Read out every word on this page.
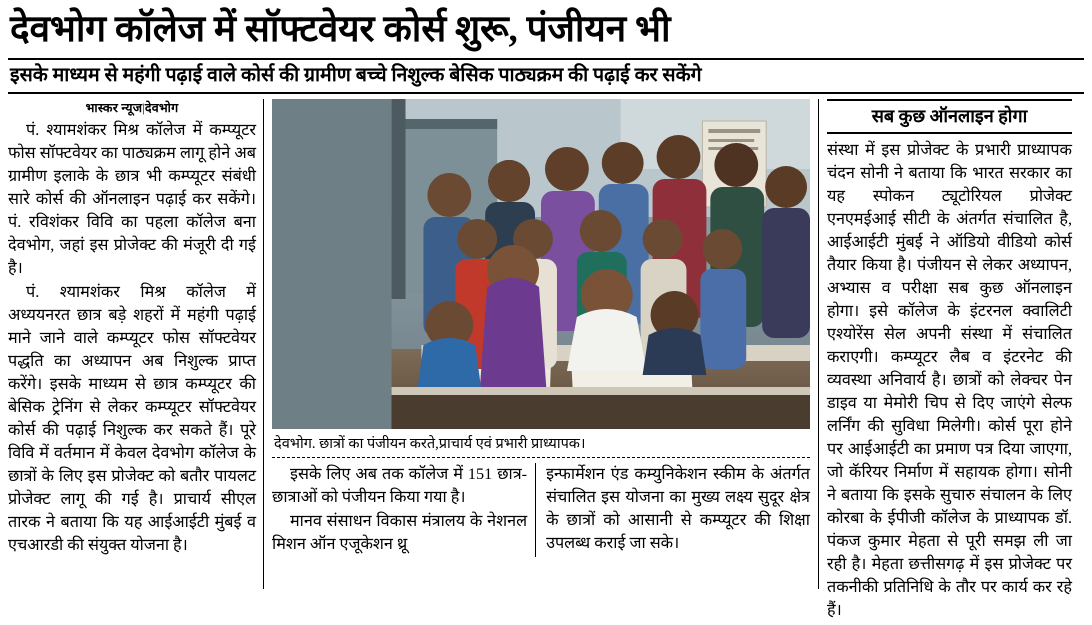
देवभोग कॉलेज में सॉफ्टवेयर कोर्स शुरू, पंजीयन भी
इसके माध्यम से महंगी पढ़ाई वाले कोर्स की ग्रामीण बच्चे निशुल्क बेसिक पाठ्यक्रम की पढ़ाई कर सकेंगे
भास्कर न्यूज|देवभोग

पं. श्यामशंकर मिश्र कॉलेज में कम्प्यूटर फोस सॉफ्टवेयर का पाठ्यक्रम लागू होने अब ग्रामीण इलाके के छात्र भी कम्प्यूटर संबंधी सारे कोर्स की ऑनलाइन पढ़ाई कर सकेंगे। पं. रविशंकर विवि का पहला कॉलेज बना देवभोग, जहां इस प्रोजेक्ट की मंजूरी दी गई है।

पं. श्यामशंकर मिश्र कॉलेज में अध्ययनरत छात्र बड़े शहरों में महंगी पढ़ाई माने जाने वाले कम्प्यूटर फोस सॉफ्टवेयर पद्धति का अध्यापन अब निशुल्क प्राप्त करेंगे। इसके माध्यम से छात्र कम्प्यूटर की बेसिक ट्रेनिंग से लेकर कम्प्यूटर सॉफ्टवेयर कोर्स की पढ़ाई निशुल्क कर सकते हैं। पूरे विवि में वर्तमान में केवल देवभोग कॉलेज के छात्रों के लिए इस प्रोजेक्ट को बतौर पायलट प्रोजेक्ट लागू की गई है। प्राचार्य सीएल तारक ने बताया कि यह आईआईटी मुंबई व एचआरडी की संयुक्त योजना है।

देवभोग. छात्रों का पंजीयन करते,प्राचार्य एवं प्रभारी प्राध्यापक।

इसके लिए अब तक कॉलेज में 151 छात्र-छात्राओं को पंजीयन किया गया है।

मानव संसाधन विकास मंत्रालय के नेशनल मिशन ऑन एजूकेशन थ्रू

इन्फार्मेशन एंड कम्युनिकेशन स्कीम के अंतर्गत संचालित इस योजना का मुख्य लक्ष्य सुदूर क्षेत्र के छात्रों को आसानी से कम्प्यूटर की शिक्षा उपलब्ध कराई जा सके।

सब कुछ ऑनलाइन होगा

संस्था में इस प्रोजेक्ट के प्रभारी प्राध्यापक चंदन सोनी ने बताया कि भारत सरकार का यह स्पोकन ट्यूटोरियल प्रोजेक्ट एनएमईआई सीटी के अंतर्गत संचालित है, आईआईटी मुंबई ने ऑडियो वीडियो कोर्स तैयार किया है। पंजीयन से लेकर अध्यापन, अभ्यास व परीक्षा सब कुछ ऑनलाइन होगा। इसे कॉलेज के इंटरनल क्वालिटी एश्योरेंस सेल अपनी संस्था में संचालित कराएगी। कम्प्यूटर लैब व इंटरनेट की व्यवस्था अनिवार्य है। छात्रों को लेक्चर पेन डाइव या मेमोरी चिप से दिए जाएंगे सेल्फ लर्निंग की सुविधा मिलेगी। कोर्स पूरा होने पर आईआईटी का प्रमाण पत्र दिया जाएगा, जो कॅरियर निर्माण में सहायक होगा। सोनी ने बताया कि इसके सुचारु संचालन के लिए कोरबा के ईपीजी कॉलेज के प्राध्यापक डॉ. पंकज कुमार मेहता से पूरी समझ ली जा रही है। मेहता छत्तीसगढ़ में इस प्रोजेक्ट पर तकनीकी प्रतिनिधि के तौर पर कार्य कर रहे हैं।
